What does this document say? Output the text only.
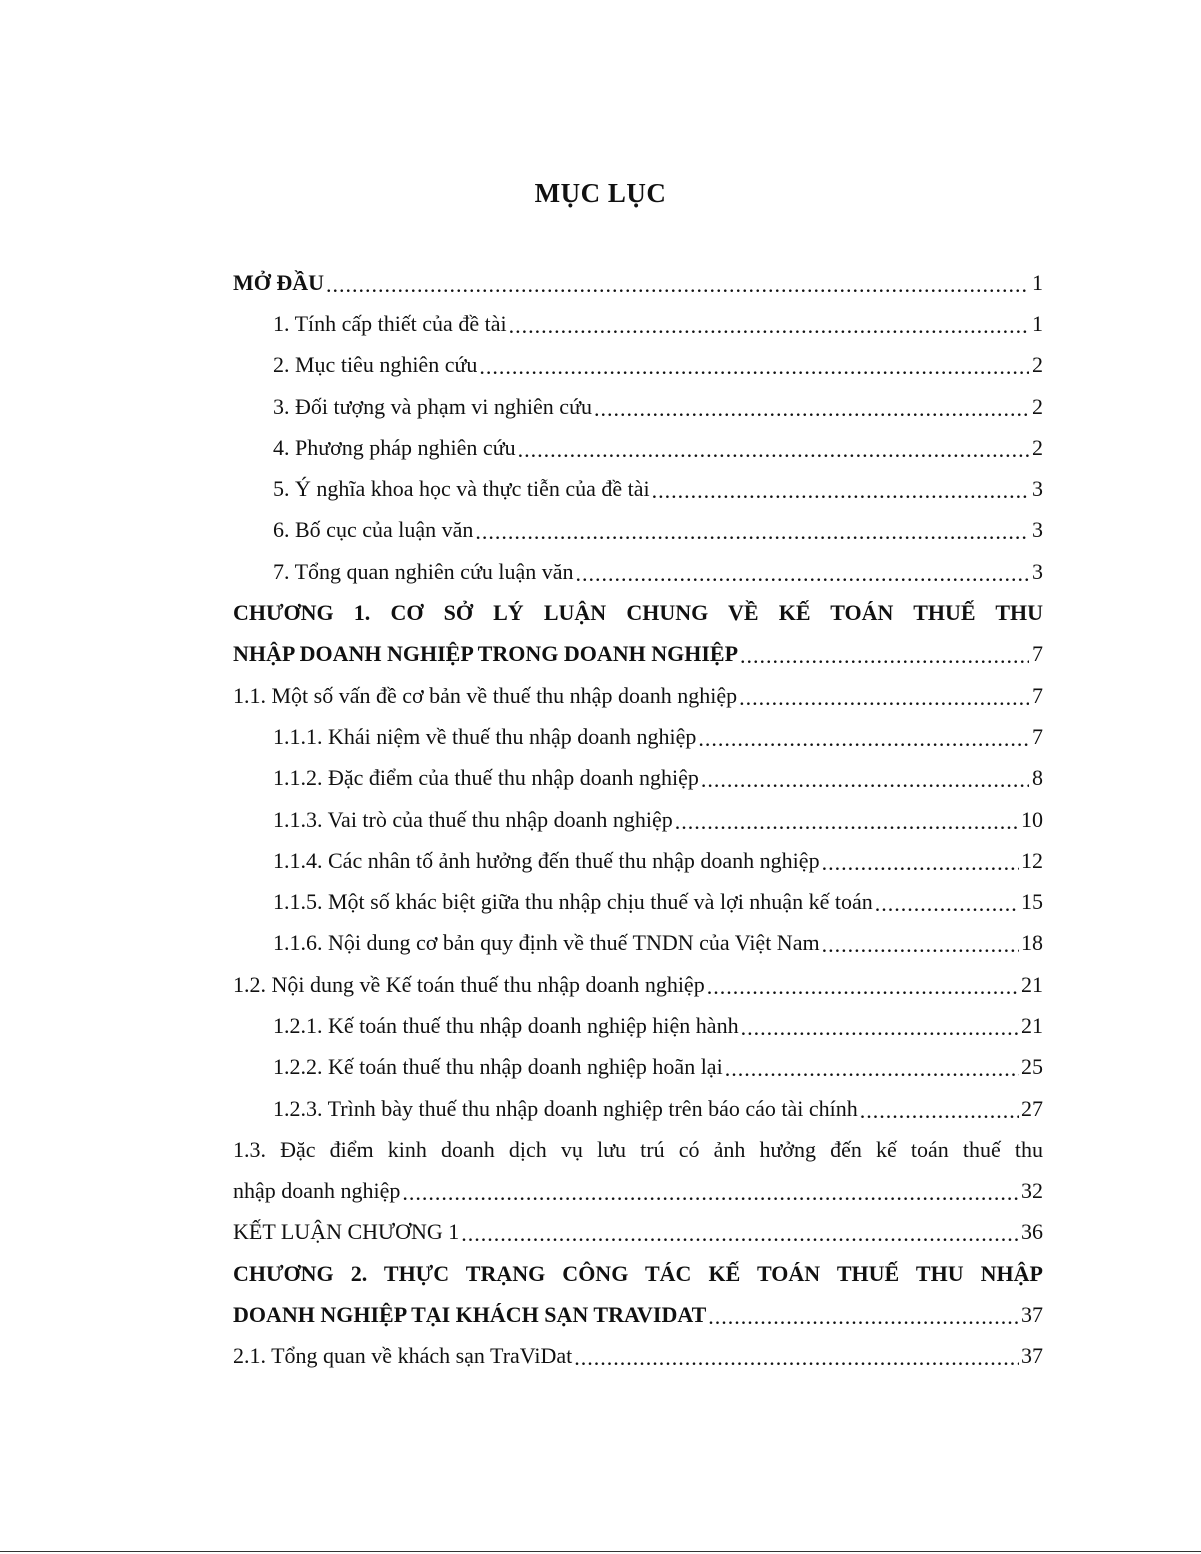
MỤC LỤC
MỞ ĐẦU .....	1
1. Tính cấp thiết của đề tài .....	1
2. Mục tiêu nghiên cứu .....	2
3. Đối tượng và phạm vi nghiên cứu .....	2
4. Phương pháp nghiên cứu .....	2
5. Ý nghĩa khoa học và thực tiễn của đề tài .....	3
6. Bố cục của luận văn .....	3
7. Tổng quan nghiên cứu luận văn .....	3
CHƯƠNG 1. CƠ SỞ LÝ LUẬN CHUNG VỀ KẾ TOÁN THUẾ THU
NHẬP DOANH NGHIỆP TRONG DOANH NGHIỆP .....	7
1.1. Một số vấn đề cơ bản về thuế thu nhập doanh nghiệp .....	7
1.1.1. Khái niệm về thuế thu nhập doanh nghiệp .....	7
1.1.2. Đặc điểm của thuế thu nhập doanh nghiệp .....	8
1.1.3. Vai trò của thuế thu nhập doanh nghiệp .....	10
1.1.4. Các nhân tố ảnh hưởng đến thuế thu nhập doanh nghiệp .....	12
1.1.5. Một số khác biệt giữa thu nhập chịu thuế và lợi nhuận kế toán .....	15
1.1.6. Nội dung cơ bản quy định về thuế TNDN của Việt Nam .....	18
1.2. Nội dung về Kế toán thuế thu nhập doanh nghiệp .....	21
1.2.1. Kế toán thuế thu nhập doanh nghiệp hiện hành .....	21
1.2.2. Kế toán thuế thu nhập doanh nghiệp hoãn lại .....	25
1.2.3. Trình bày thuế thu nhập doanh nghiệp trên báo cáo tài chính .....	27
1.3. Đặc điểm kinh doanh dịch vụ lưu trú có ảnh hưởng đến kế toán thuế thu
nhập doanh nghiệp .....	32
KẾT LUẬN CHƯƠNG 1 .....	36
CHƯƠNG 2. THỰC TRẠNG CÔNG TÁC KẾ TOÁN THUẾ THU NHẬP
DOANH NGHIỆP TẠI KHÁCH SẠN TRAVIDAT .....	37
2.1. Tổng quan về khách sạn TraViDat .....	37
